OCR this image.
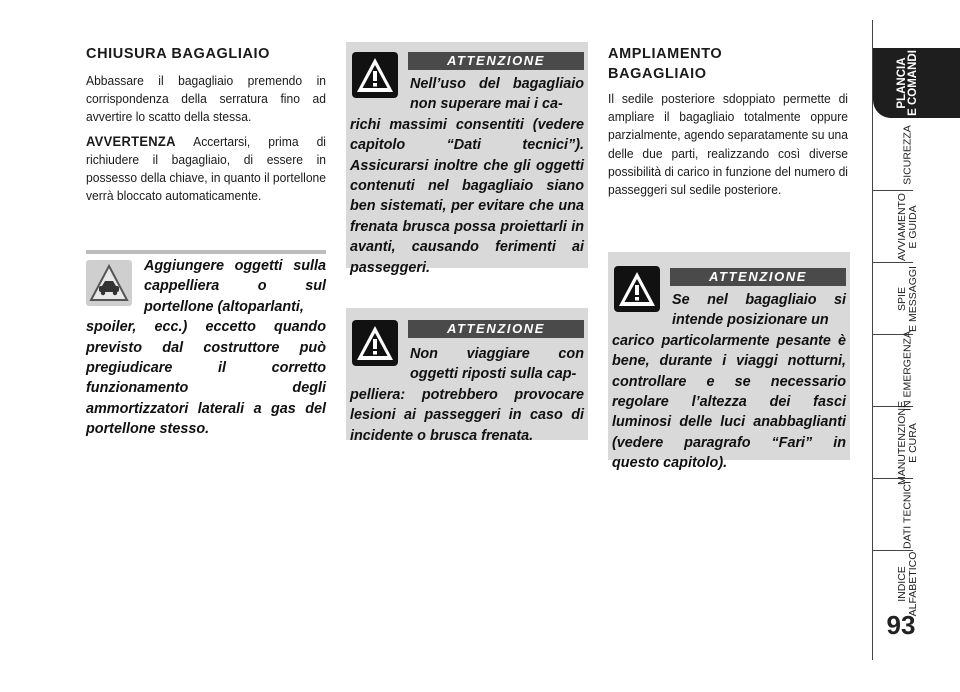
CHIUSURA BAGAGLIAIO

Abbassare il bagagliaio premendo in corrispondenza della serratura fino ad avvertire lo scatto della stessa.

AVVERTENZA Accertarsi, prima di richiudere il bagagliaio, di essere in possesso della chiave, in quanto il portellone verrà bloccato automaticamente.

Aggiungere oggetti sulla cappelliera o sul portellone (altoparlanti,
spoiler, ecc.) eccetto quando previsto dal costruttore può pregiudicare il corretto funzionamento degli ammortizzatori laterali a gas del portellone stesso.
ATTENZIONE
Nell’uso del bagagliaio non superare mai i ca-
richi massimi consentiti (vedere capitolo “Dati tecnici”). Assicurarsi inoltre che gli oggetti contenuti nel bagagliaio siano ben sistemati, per evitare che una frenata brusca possa proiettarli in avanti, causando ferimenti ai passeggeri.
ATTENZIONE
Non viaggiare con oggetti riposti sulla cap-
pelliera: potrebbero provocare lesioni ai passeggeri in caso di incidente o brusca frenata.
AMPLIAMENTO
BAGAGLIAIO

Il sedile posteriore sdoppiato permette di ampliare il bagagliaio totalmente oppure parzialmente, agendo separatamente su una delle due parti, realizzando così diverse possibilità di carico in funzione del numero di passeggeri sul sedile posteriore.

ATTENZIONE
Se nel bagagliaio si intende posizionare un
carico particolarmente pesante è bene, durante i viaggi notturni, controllare e se necessario regolare l’altezza dei fasci luminosi delle luci anabbaglianti (vedere paragrafo “Fari” in questo capitolo).
PLANCIA E COMANDI
SICUREZZA
AVVIAMENTO E GUIDA
SPIE E MESSAGGI
IN EMERGENZA
MANUTENZIONE E CURA
DATI TECNICI
INDICE ALFABETICO
93
